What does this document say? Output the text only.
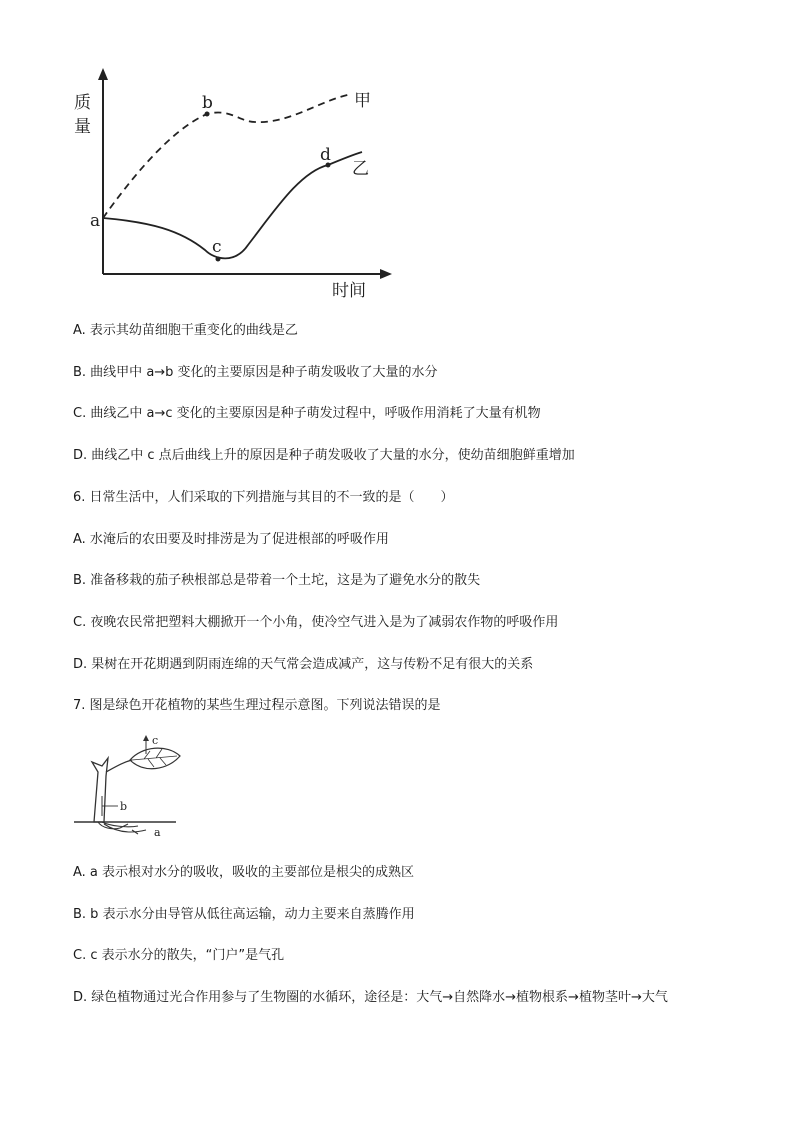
质
量
时间
a
b
c
d
甲
乙
A. 表示其幼苗细胞干重变化的曲线是乙
B. 曲线甲中 a→b 变化的主要原因是种子萌发吸收了大量的水分
C. 曲线乙中 a→c 变化的主要原因是种子萌发过程中，呼吸作用消耗了大量有机物
D. 曲线乙中 c 点后曲线上升的原因是种子萌发吸收了大量的水分，使幼苗细胞鲜重增加
6. 日常生活中，人们采取的下列措施与其目的不一致的是（　　）
A. 水淹后的农田要及时排涝是为了促进根部的呼吸作用
B. 准备移栽的茄子秧根部总是带着一个土坨，这是为了避免水分的散失
C. 夜晚农民常把塑料大棚掀开一个小角，使冷空气进入是为了减弱农作物的呼吸作用
D. 果树在开花期遇到阴雨连绵的天气常会造成减产，这与传粉不足有很大的关系
7. 图是绿色开花植物的某些生理过程示意图。下列说法错误的是
c
b
a
A. a 表示根对水分的吸收，吸收的主要部位是根尖的成熟区
B. b 表示水分由导管从低往高运输，动力主要来自蒸腾作用
C. c 表示水分的散失，“门户”是气孔
D. 绿色植物通过光合作用参与了生物圈的水循环，途径是：大气→自然降水→植物根系→植物茎叶→大气
